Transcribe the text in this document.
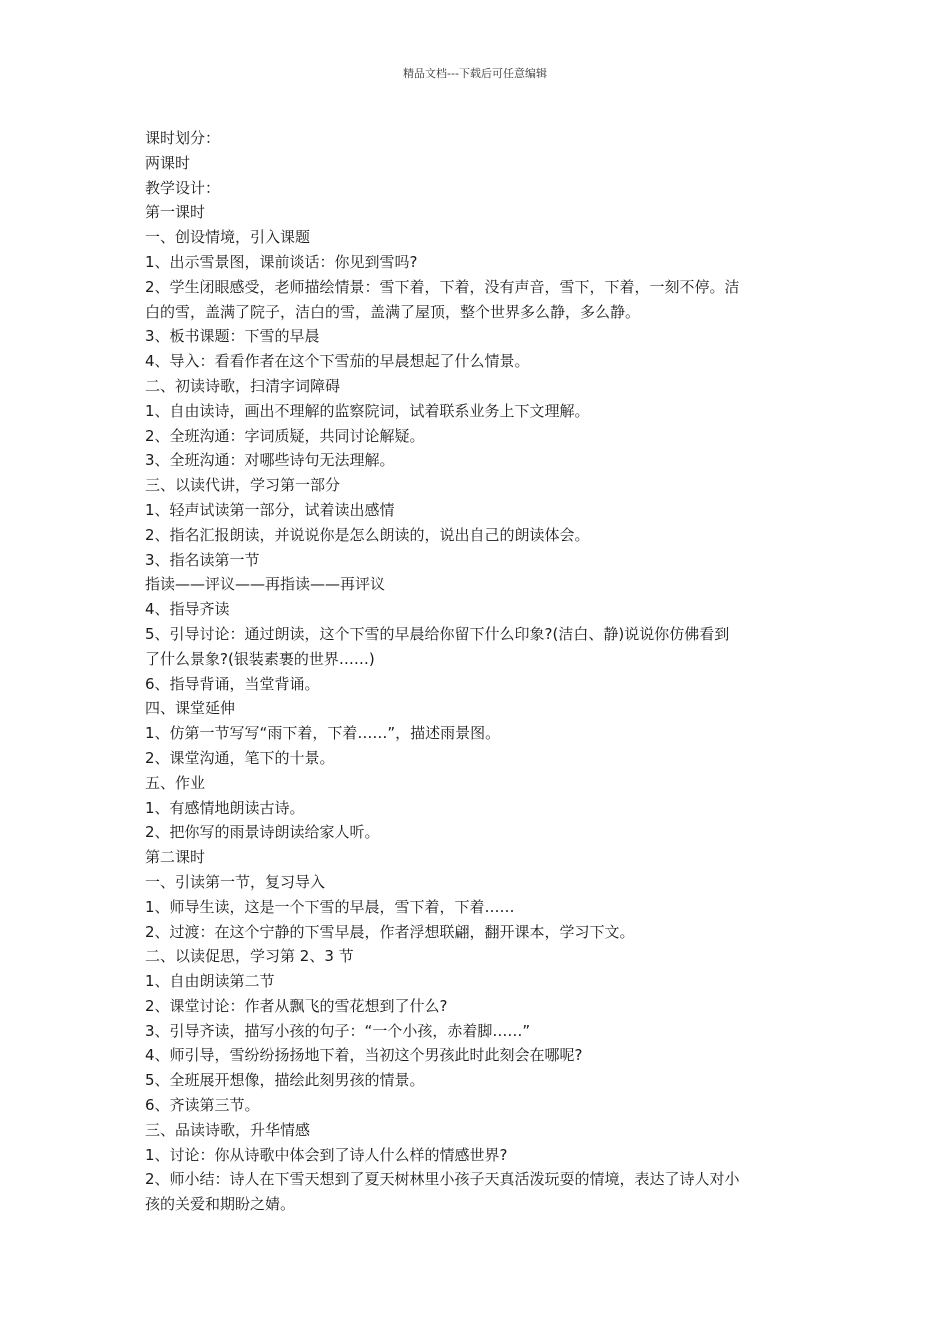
精品文档---下载后可任意编辑
课时划分：
两课时
教学设计：
第一课时
一、创设情境，引入课题
1、出示雪景图，课前谈话：你见到雪吗?
2、学生闭眼感受，老师描绘情景：雪下着，下着，没有声音，雪下，下着，一刻不停。洁
白的雪，盖满了院子，洁白的雪，盖满了屋顶，整个世界多么静，多么静。
3、板书课题：下雪的早晨
4、导入：看看作者在这个下雪茄的早晨想起了什么情景。
二、初读诗歌，扫清字词障碍
1、自由读诗，画出不理解的监察院词，试着联系业务上下文理解。
2、全班沟通：字词质疑，共同讨论解疑。
3、全班沟通：对哪些诗句无法理解。
三、以读代讲，学习第一部分
1、轻声试读第一部分，试着读出感情
2、指名汇报朗读，并说说你是怎么朗读的，说出自己的朗读体会。
3、指名读第一节
指读——评议——再指读——再评议
4、指导齐读
5、引导讨论：通过朗读，这个下雪的早晨给你留下什么印象?(洁白、静)说说你仿佛看到
了什么景象?(银装素裹的世界……)
6、指导背诵，当堂背诵。
四、课堂延伸
1、仿第一节写写“雨下着，下着……”，描述雨景图。
2、课堂沟通，笔下的十景。
五、作业
1、有感情地朗读古诗。
2、把你写的雨景诗朗读给家人听。
第二课时
一、引读第一节，复习导入
1、师导生读，这是一个下雪的早晨，雪下着，下着……
2、过渡：在这个宁静的下雪早晨，作者浮想联翩，翻开课本，学习下文。
二、以读促思，学习第 2、3 节
1、自由朗读第二节
2、课堂讨论：作者从飘飞的雪花想到了什么?
3、引导齐读，描写小孩的句子：“一个小孩，赤着脚……”
4、师引导，雪纷纷扬扬地下着，当初这个男孩此时此刻会在哪呢?
5、全班展开想像，描绘此刻男孩的情景。
6、齐读第三节。
三、品读诗歌，升华情感
1、讨论：你从诗歌中体会到了诗人什么样的情感世界?
2、师小结：诗人在下雪天想到了夏天树林里小孩子天真活泼玩耍的情境，表达了诗人对小
孩的关爱和期盼之婧。
